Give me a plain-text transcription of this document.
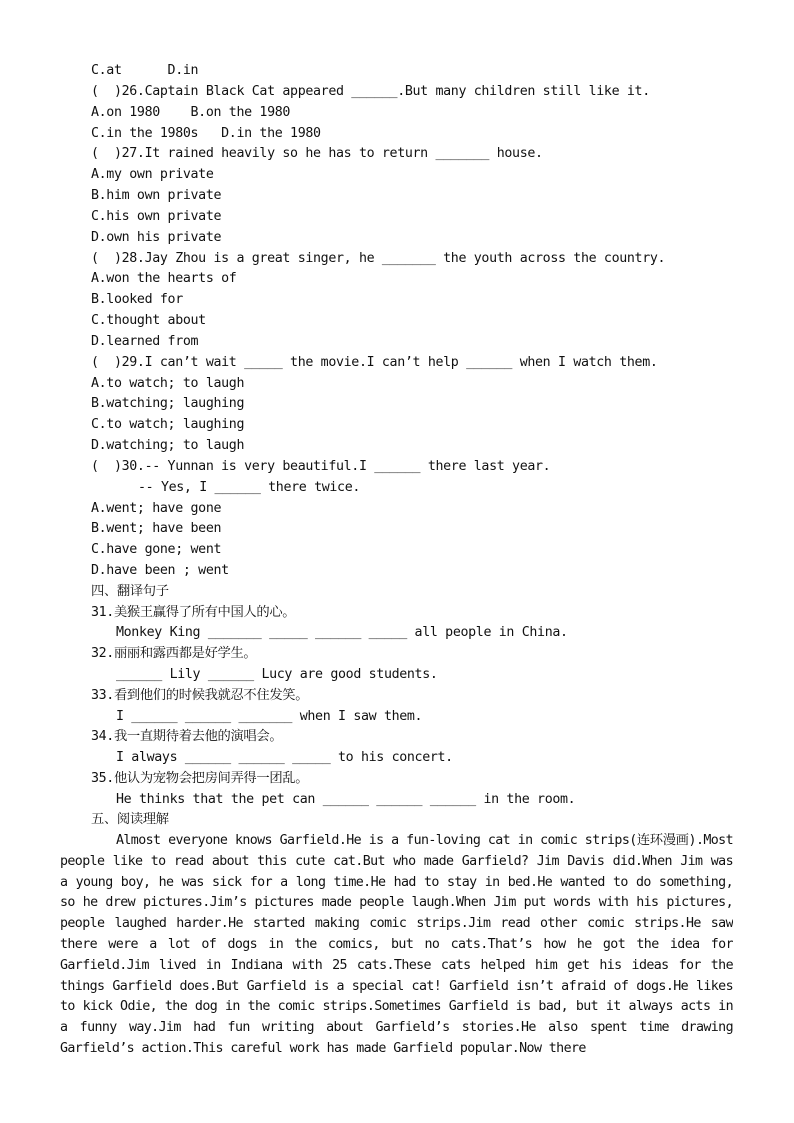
C.at      D.in
(  )26.Captain Black Cat appeared ______.But many children still like it.
A.on 1980    B.on the 1980
C.in the 1980s   D.in the 1980
(  )27.It rained heavily so he has to return _______ house.
A.my own private
B.him own private
C.his own private
D.own his private
(  )28.Jay Zhou is a great singer, he _______ the youth across the country.
A.won the hearts of
B.looked for
C.thought about
D.learned from
(  )29.I can’t wait _____ the movie.I can’t help ______ when I watch them.
A.to watch; to laugh
B.watching; laughing
C.to watch; laughing
D.watching; to laugh
(  )30.-- Yunnan is very beautiful.I ______ there last year.
-- Yes, I ______ there twice.
A.went; have gone
B.went; have been
C.have gone; went
D.have been ; went
四、翻译句子
31.美猴王赢得了所有中国人的心。
Monkey King _______ _____ ______ _____ all people in China.
32.丽丽和露西都是好学生。
______ Lily ______ Lucy are good students.
33.看到他们的时候我就忍不住发笑。
I ______ ______ _______ when I saw them.
34.我一直期待着去他的演唱会。
I always ______ ______ _____ to his concert.
35.他认为宠物会把房间弄得一团乱。
He thinks that the pet can ______ ______ ______ in the room.
五、阅读理解
Almost everyone knows Garfield.He is a fun-loving cat in comic strips(连环漫画).Most people like to read about this cute cat.But who made Garfield? Jim Davis did.When Jim was a young boy, he was sick for a long time.He had to stay in bed.He wanted to do something, so he drew pictures.Jim’s pictures made people laugh.When Jim put words with his pictures, people laughed harder.He started making comic strips.Jim read other comic strips.He saw there were a lot of dogs in the comics, but no cats.That’s how he got the idea for Garfield.Jim lived in Indiana with 25 cats.These cats helped him get his ideas for the things Garfield does.But Garfield is a special cat! Garfield isn’t afraid of dogs.He likes to kick Odie, the dog in the comic strips.Sometimes Garfield is bad, but it always acts in a funny way.Jim had fun writing about Garfield’s stories.He also spent time drawing Garfield’s action.This careful work has made Garfield popular.Now there
